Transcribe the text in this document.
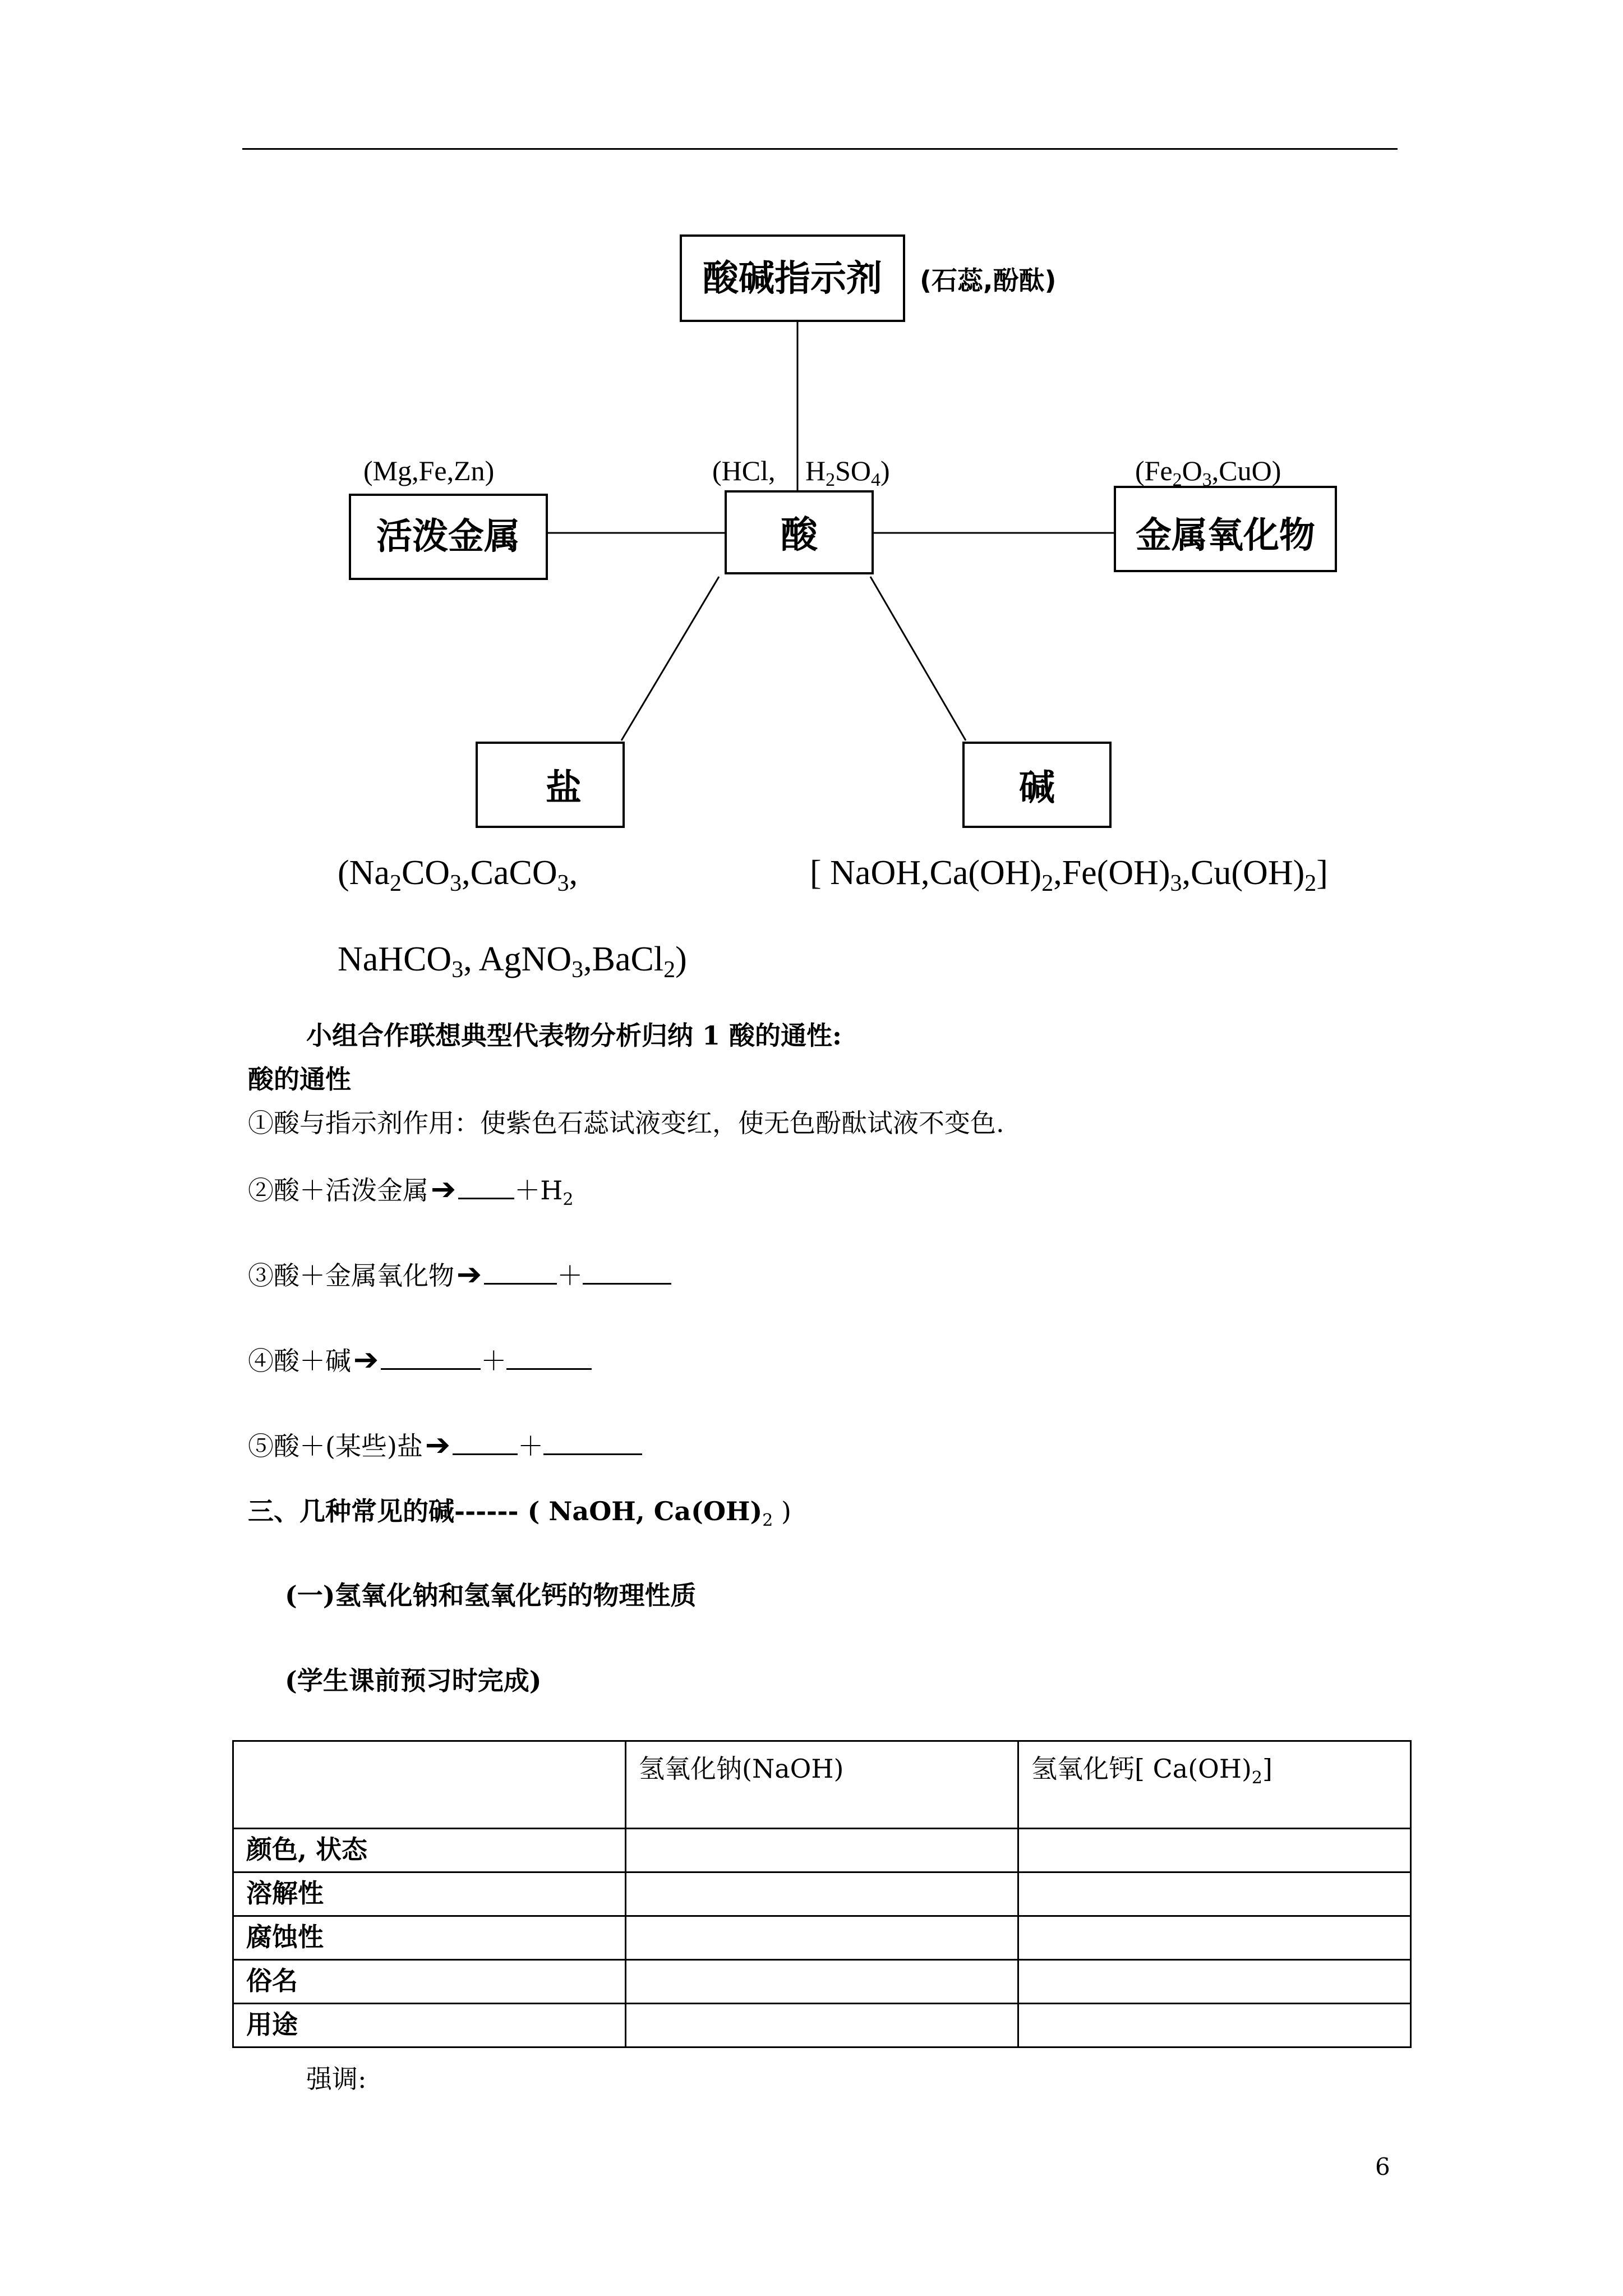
酸碱指示剂 (石蕊,酚酞)
活泼金属	酸	金属氧化物
盐	碱
(Mg,Fe,Zn)	(HCl, $H_2SO_4$)	$(Fe_2O_3,CuO)$
(Na2CO3,CaCO3,
NaHCO3, AgNO3,BaCl2)
[ NaOH,Ca(OH)2,Fe(OH)3,Cu(OH)2]
小组合作联想典型代表物分析归纳 1 酸的通性:
酸的通性
①酸与指示剂作用：使紫色石蕊试液变红，使无色酚酞试液不变色.
②酸＋活泼金属➔ $+H_2$
③酸＋金属氧化物➔	＋
④酸＋碱➔	＋
⑤酸＋(某些)盐➔	＋
三、几种常见的碱------ ( NaOH, $Ca(OH)_2$ )
(一)氢氧化钠和氢氧化钙的物理性质
(学生课前预习时完成)
	氢氧化钠(NaOH)	氢氧化钙[ $Ca(OH)_2$]
颜色, 状态		
溶解性		
腐蚀性		
俗名		
用途		
强调:
6
